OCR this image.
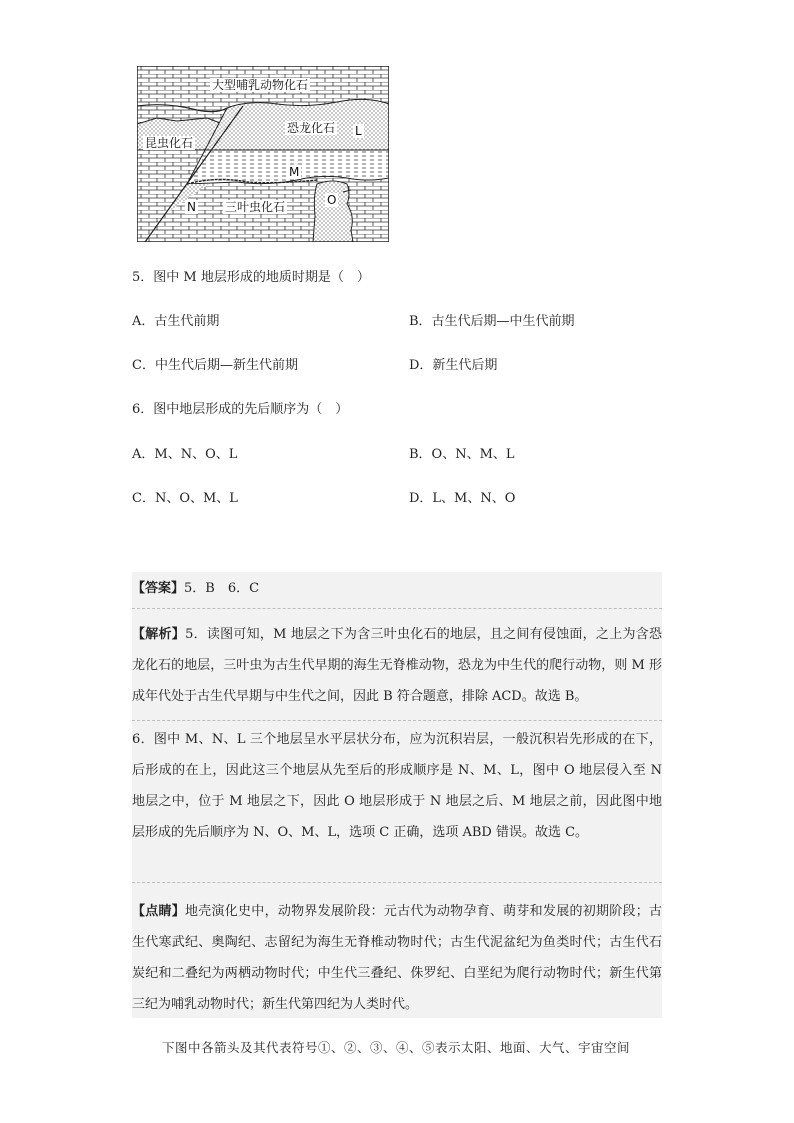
大型哺乳动物化石
恐龙化石 L
昆虫化石
M
N 三叶虫化石	O
5．图中 M 地层形成的地质时期是（　）
A．古生代前期	B．古生代后期—中生代前期
C．中生代后期—新生代前期	D．新生代后期
6．图中地层形成的先后顺序为（　）
A．M、N、O、L	B．O、N、M、L
C．N、O、M、L	D．L、M、N、O
【答案】5．B　6．C
【解析】5．读图可知，M 地层之下为含三叶虫化石的地层，且之间有侵蚀面，之上为含恐龙化石的地层，三叶虫为古生代早期的海生无脊椎动物，恐龙为中生代的爬行动物，则 M 形成年代处于古生代早期与中生代之间，因此 B 符合题意，排除 ACD。故选 B。
6．图中 M、N、L 三个地层呈水平层状分布，应为沉积岩层，一般沉积岩先形成的在下，后形成的在上，因此这三个地层从先至后的形成顺序是 N、M、L，图中 O 地层侵入至 N 地层之中，位于 M 地层之下，因此 O 地层形成于 N 地层之后、M 地层之前，因此图中地层形成的先后顺序为 N、O、M、L，选项 C 正确，选项 ABD 错误。故选 C。
【点睛】地壳演化史中，动物界发展阶段：元古代为动物孕育、萌芽和发展的初期阶段；古生代寒武纪、奥陶纪、志留纪为海生无脊椎动物时代；古生代泥盆纪为鱼类时代；古生代石炭纪和二叠纪为两栖动物时代；中生代三叠纪、侏罗纪、白垩纪为爬行动物时代；新生代第三纪为哺乳动物时代；新生代第四纪为人类时代。
下图中各箭头及其代表符号①、②、③、④、⑤表示太阳、地面、大气、宇宙空间
